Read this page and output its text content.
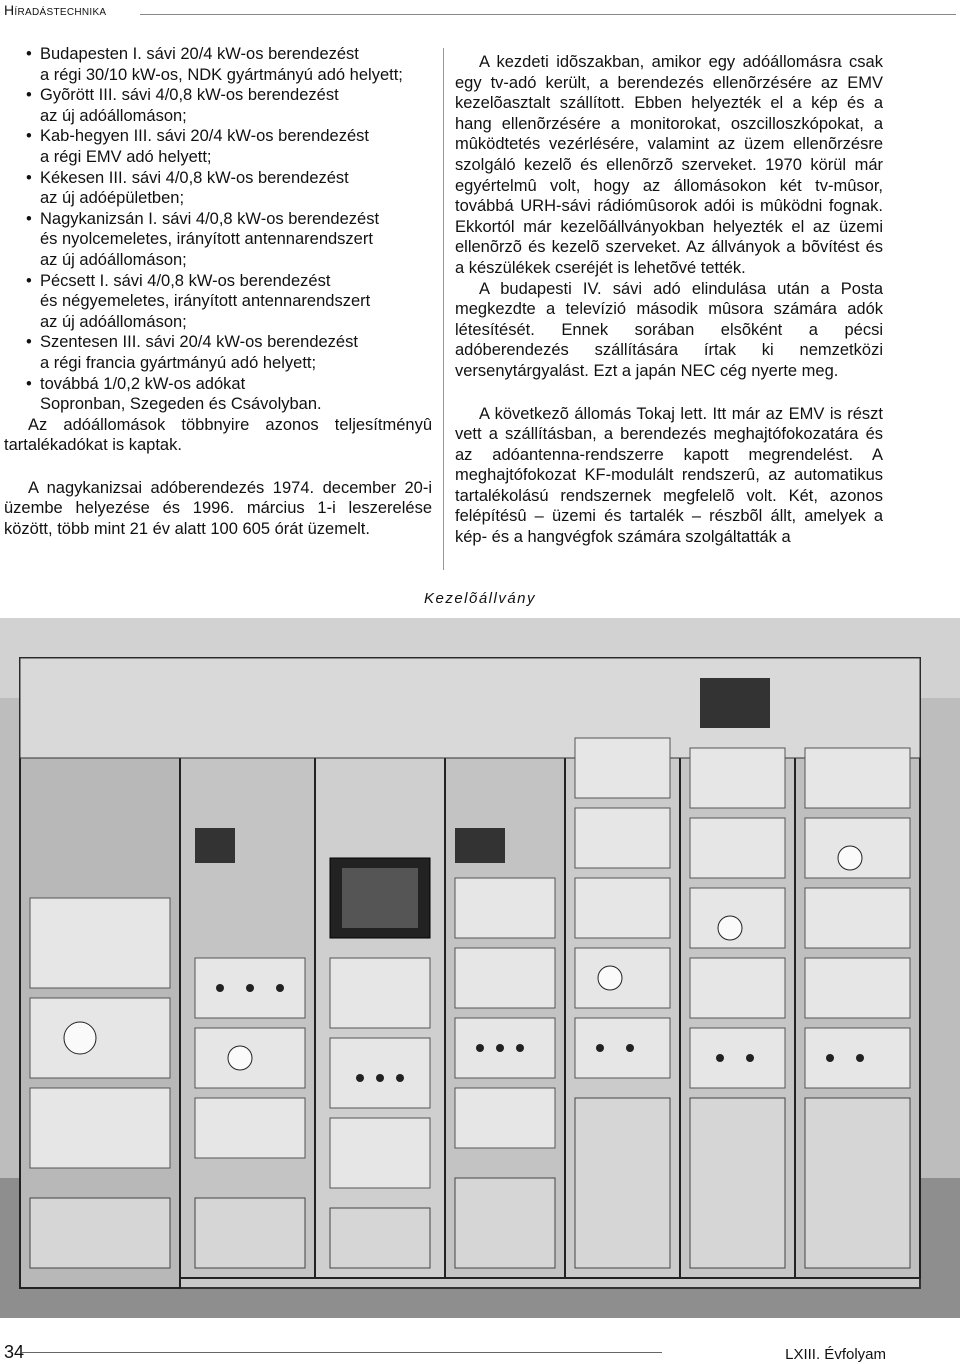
Híradástechnika
• Budapesten I. sávi 20/4 kW-os berendezést
a régi 30/10 kW-os, NDK gyártmányú adó helyett;
• Gyõrött III. sávi 4/0,8 kW-os berendezést
az új adóállomáson;
• Kab-hegyen III. sávi 20/4 kW-os berendezést
a régi EMV adó helyett;
• Kékesen III. sávi 4/0,8 kW-os berendezést
az új adóépületben;
• Nagykanizsán I. sávi 4/0,8 kW-os berendezést
és nyolcemeletes, irányított antennarendszert
az új adóállomáson;
• Pécsett I. sávi 4/0,8 kW-os berendezést
és négyemeletes, irányított antennarendszert
az új adóállomáson;
• Szentesen III. sávi 20/4 kW-os berendezést
a régi francia gyártmányú adó helyett;
• továbbá 1/0,2 kW-os adókat
Sopronban, Szegeden és Csávolyban.
Az adóállomások többnyire azonos teljesítményû tartalékadókat is kaptak.
A nagykanizsai adóberendezés 1974. december 20-i üzembe helyezése és 1996. március 1-i leszerelése között, több mint 21 év alatt 100 605 órát üzemelt.
A kezdeti idõszakban, amikor egy adóállomásra csak egy tv-adó került, a berendezés ellenõrzésére az EMV kezelõasztalt szállított. Ebben helyezték el a kép és a hang ellenõrzésére a monitorokat, oszcilloszkópokat, a mûködtetés vezérlésére, valamint az üzem ellenõrzésre szolgáló kezelõ és ellenõrzõ szerveket. 1970 körül már egyértelmû volt, hogy az állomásokon két tv-mûsor, továbbá URH-sávi rádiómûsorok adói is mûködni fognak. Ekkortól már kezelõállványokban helyezték el az üzemi ellenõrzõ és kezelõ szerveket. Az állványok a bõvítést és a készülékek cseréjét is lehetõvé tették.
A budapesti IV. sávi adó elindulása után a Posta megkezdte a televízió második mûsora számára adók létesítését. Ennek sorában elsõként a pécsi adóberendezés szállítására írtak ki nemzetközi versenytárgyalást. Ezt a japán NEC cég nyerte meg.
A következõ állomás Tokaj lett. Itt már az EMV is részt vett a szállításban, a berendezés meghajtófokozatára és az adóantenna-rendszerre kapott megrendelést. A meghajtófokozat KF-modulált rendszerû, az automatikus tartalékolású rendszernek megfelelõ volt. Két, azonos felépítésû – üzemi és tartalék – részbõl állt, amelyek a kép- és a hangvégfok számára szolgáltatták a
Kezelõállvány
34	LXIII. Évfolyam
